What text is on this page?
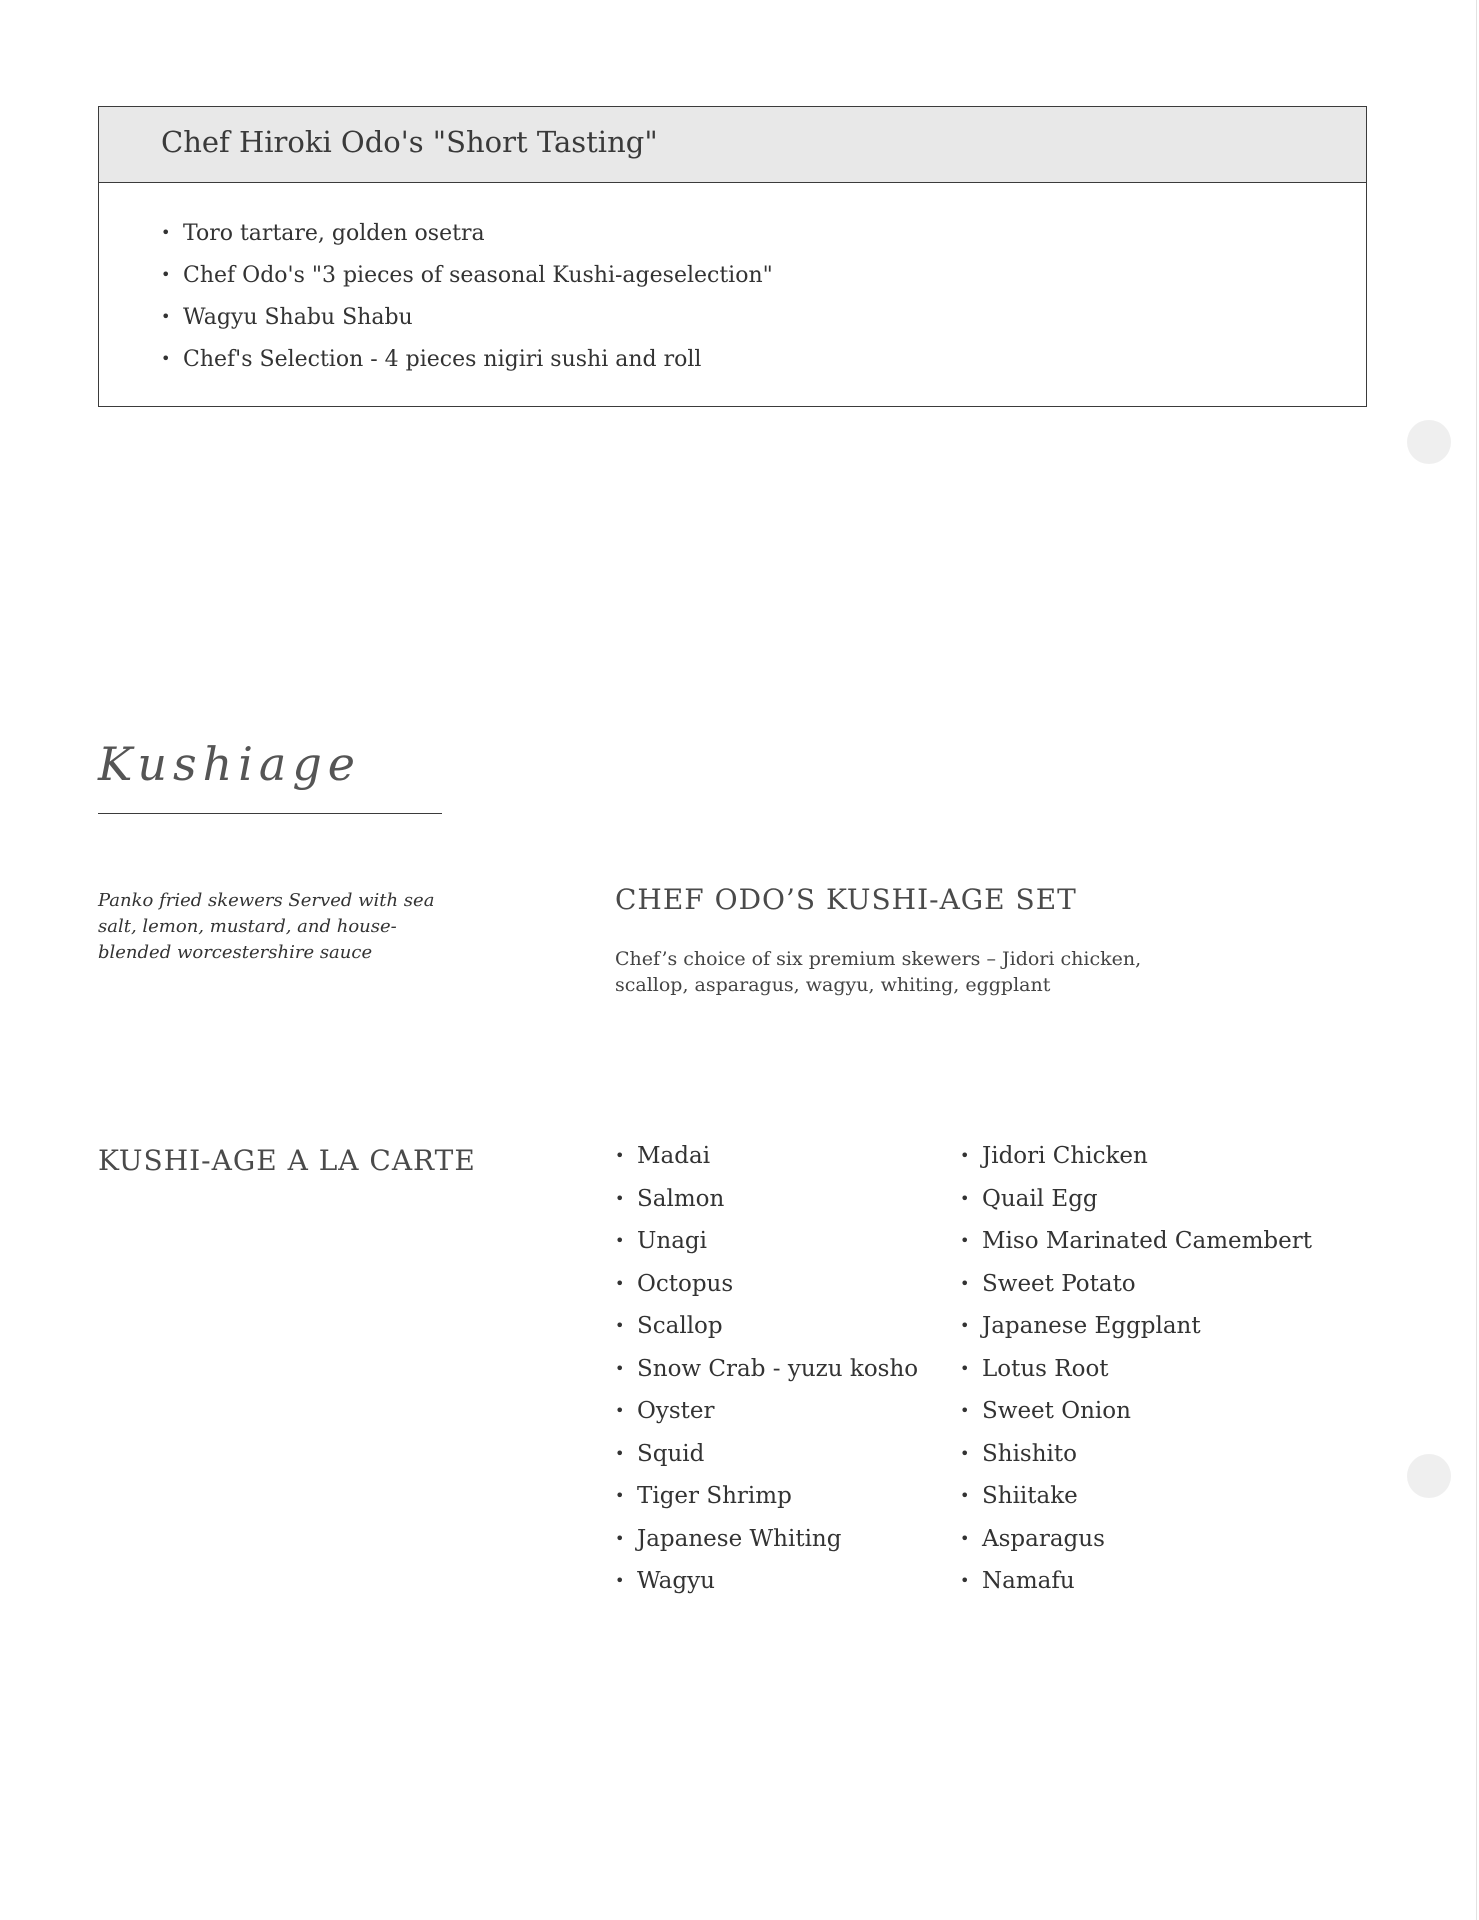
Chef Hiroki Odo's "Short Tasting"
• Toro tartare, golden osetra
• Chef Odo's "3 pieces of seasonal Kushi-ageselection"
• Wagyu Shabu Shabu
• Chef's Selection - 4 pieces nigiri sushi and roll
Kushiage
Panko fried skewers Served with sea salt, lemon, mustard, and house-blended worcestershire sauce
CHEF ODO’S KUSHI-AGE SET
Chef’s choice of six premium skewers – Jidori chicken, scallop, asparagus, wagyu, whiting, eggplant
KUSHI-AGE A LA CARTE
•	Madai
• Salmon
• Unagi
• Octopus
• Scallop
• Snow Crab - yuzu kosho
• Oyster
• Squid
• Tiger Shrimp
• Japanese Whiting
• Wagyu
• Jidori Chicken
• Quail Egg
• Miso Marinated Camembert
• Sweet Potato
• Japanese Eggplant
• Lotus Root
• Sweet Onion
• Shishito
• Shiitake
• Asparagus
• Namafu
